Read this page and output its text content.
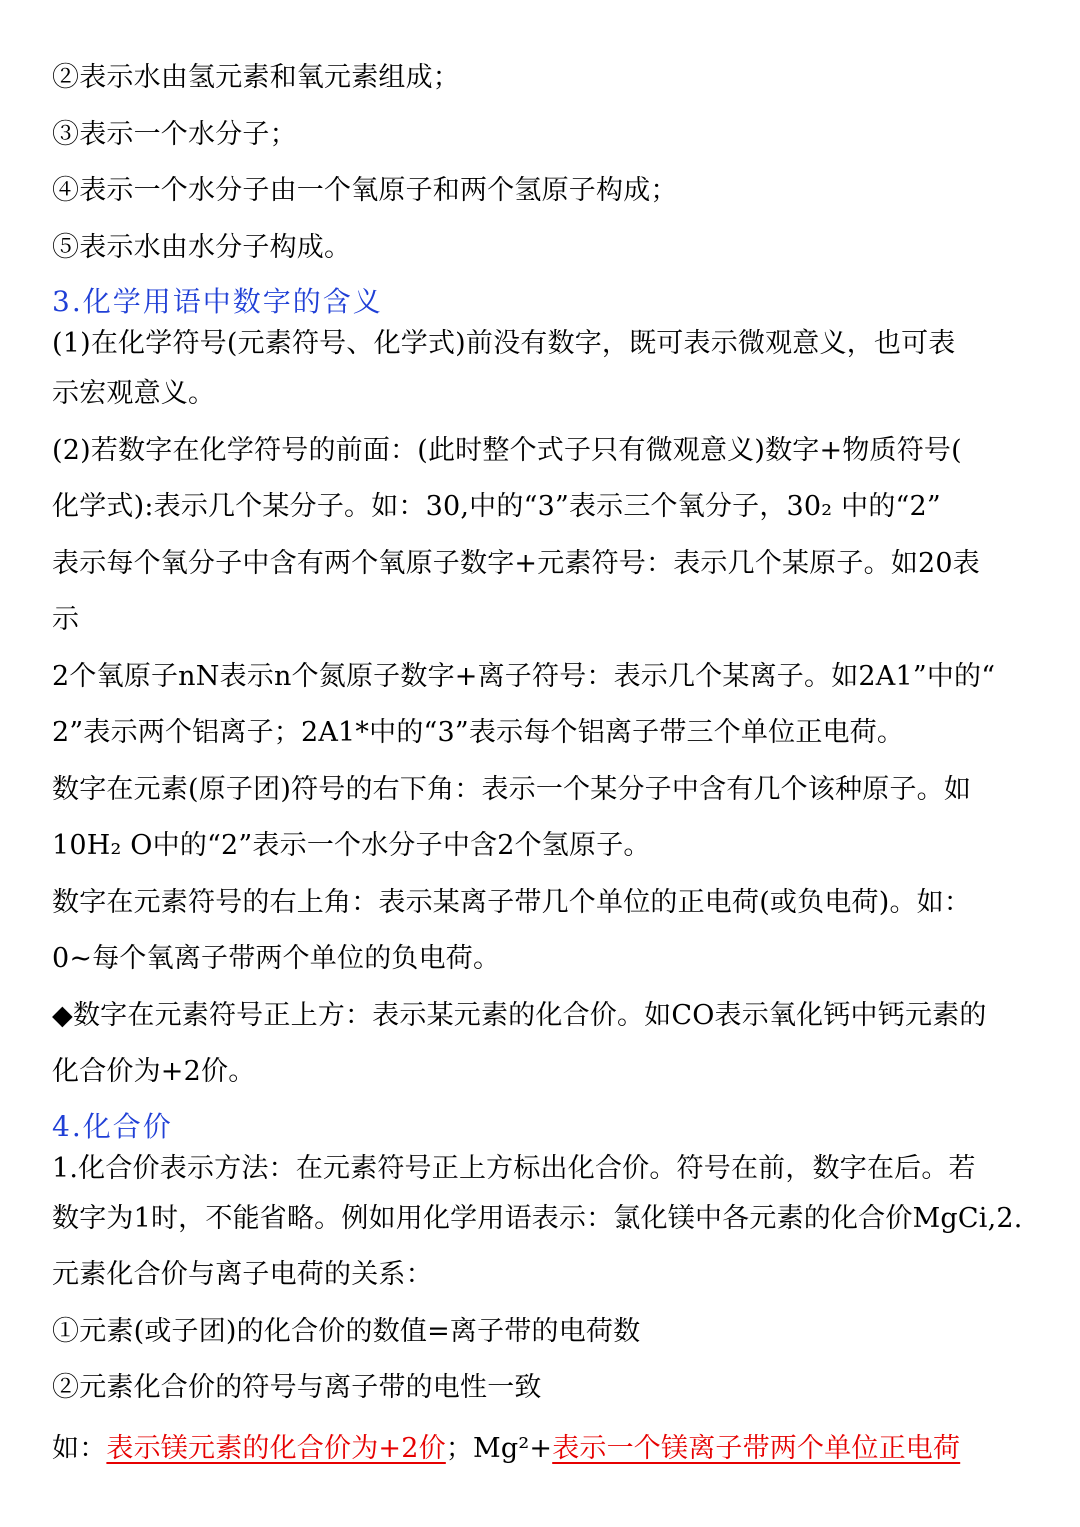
②表示水由氢元素和氧元素组成；
③表示一个水分子；
④表示一个水分子由一个氧原子和两个氢原子构成；
⑤表示水由水分子构成。
3.化学用语中数字的含义
(1)在化学符号(元素符号、化学式)前没有数字，既可表示微观意义，也可表
示宏观意义。
(2)若数字在化学符号的前面：(此时整个式子只有微观意义)数字+物质符号(
化学式):表示几个某分子。如：30,中的“3”表示三个氧分子，30₂ 中的“2”
表示每个氧分子中含有两个氧原子数字+元素符号：表示几个某原子。如20表
示
2个氧原子nN表示n个氮原子数字+离子符号：表示几个某离子。如2A1”中的“
2”表示两个铝离子；2A1*中的“3”表示每个铝离子带三个单位正电荷。
数字在元素(原子团)符号的右下角：表示一个某分子中含有几个该种原子。如
10H₂ O中的“2”表示一个水分子中含2个氢原子。
数字在元素符号的右上角：表示某离子带几个单位的正电荷(或负电荷)。如：
0~每个氧离子带两个单位的负电荷。
◆数字在元素符号正上方：表示某元素的化合价。如CO表示氧化钙中钙元素的
化合价为+2价。
4.化合价
1.化合价表示方法：在元素符号正上方标出化合价。符号在前，数字在后。若
数字为1时，不能省略。例如用化学用语表示：氯化镁中各元素的化合价MgCi,2.
元素化合价与离子电荷的关系：
①元素(或子团)的化合价的数值=离子带的电荷数
②元素化合价的符号与离子带的电性一致
如：表示镁元素的化合价为+2价；Mg²+表示一个镁离子带两个单位正电荷
